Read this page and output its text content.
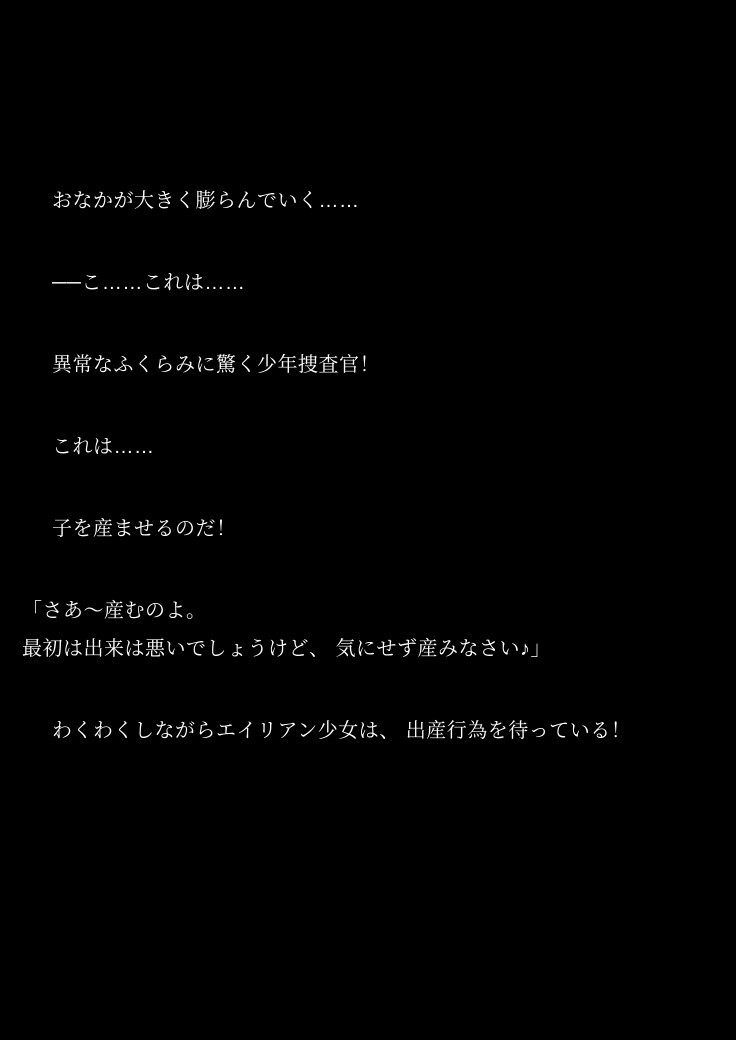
おなかが大きく膨らんでいく……
──こ……これは……
異常なふくらみに驚く少年捜査官！
これは……
子を産ませるのだ！
「さあ〜産むのよ。
最初は出来は悪いでしょうけど、 気にせず産みなさい♪」
わくわくしながらエイリアン少女は、 出産行為を待っている！
